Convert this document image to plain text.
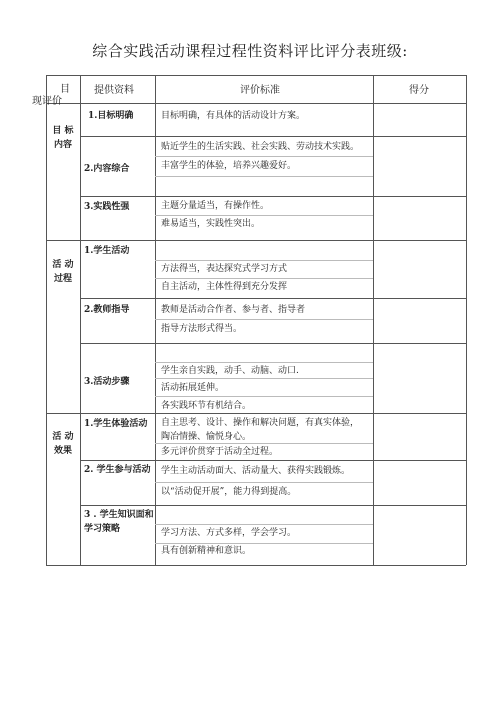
综合实践活动课程过程性资料评比评分表班级:
目
现评价
提供资料	评价标准	得分
目 标
内容
1.目标明确
2.内容综合
3.实践性强
目标明确，有具体的活动设计方案。
贴近学生的生活实践、社会实践、劳动技术实践。
丰富学生的体验，培养兴趣爱好。
主题分量适当，有操作性。
难易适当，实践性突出。
活 动
过程
1.学生活动
2.教师指导
3.活动步骤
方法得当，表达探究式学习方式
自主活动，主体性得到充分发挥
教师是活动合作者、参与者、指导者
指导方法形式得当。
学生亲自实践，动手、动脑、动口.
活动拓展延伸。
各实践环节有机结合。
活 动
效果
1.学生体验活动
2. 学生参与活动
3 . 学生知识面和
学习策略
自主思考、设计、操作和解决问题，有真实体验，
陶冶情操、愉悦身心。
多元评价贯穿于活动全过程。
学生主动活动面大、活动量大、获得实践锻炼。
以“活动促开展”，能力得到提高。
学习方法、方式多样，学会学习。
具有创新精神和意识。
